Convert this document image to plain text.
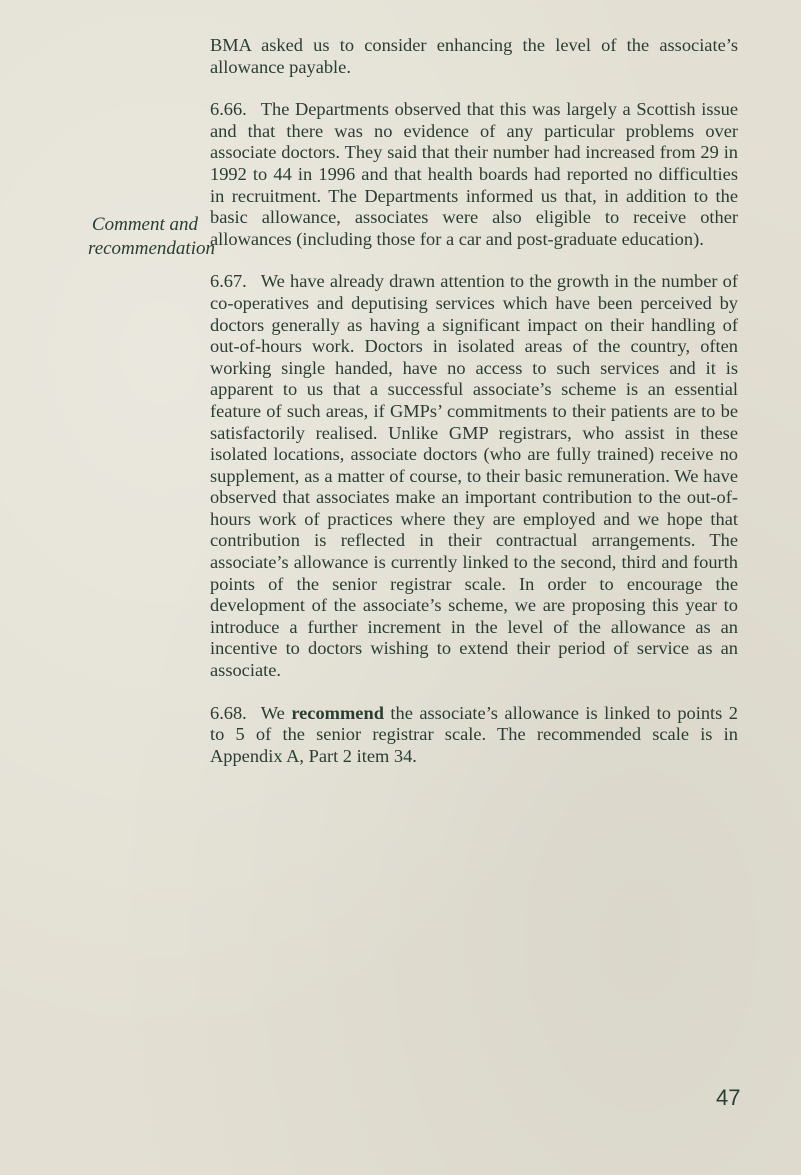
Comment and
recommendation

BMA asked us to consider enhancing the level of the associate’s allowance payable.

6.66. The Departments observed that this was largely a Scottish issue and that there was no evidence of any particular problems over associate doctors. They said that their number had increased from 29 in 1992 to 44 in 1996 and that health boards had reported no difficulties in recruitment. The Departments informed us that, in addition to the basic allowance, associates were also eligible to receive other allowances (including those for a car and post-graduate education).

6.67. We have already drawn attention to the growth in the number of co-operatives and deputising services which have been perceived by doctors generally as having a significant impact on their handling of out-of-hours work. Doctors in isolated areas of the country, often working single handed, have no access to such services and it is apparent to us that a successful associate’s scheme is an essential feature of such areas, if GMPs’ commitments to their patients are to be satisfactorily realised. Unlike GMP registrars, who assist in these isolated locations, associate doctors (who are fully trained) receive no supplement, as a matter of course, to their basic remuneration. We have observed that associates make an important contribution to the out-of-hours work of practices where they are employed and we hope that contribution is reflected in their contractual arrangements. The associate’s allowance is currently linked to the second, third and fourth points of the senior registrar scale. In order to encourage the development of the associate’s scheme, we are proposing this year to introduce a further increment in the level of the allowance as an incentive to doctors wishing to extend their period of service as an associate.

6.68. We recommend the associate’s allowance is linked to points 2 to 5 of the senior registrar scale. The recommended scale is in Appendix A, Part 2 item 34.

47
